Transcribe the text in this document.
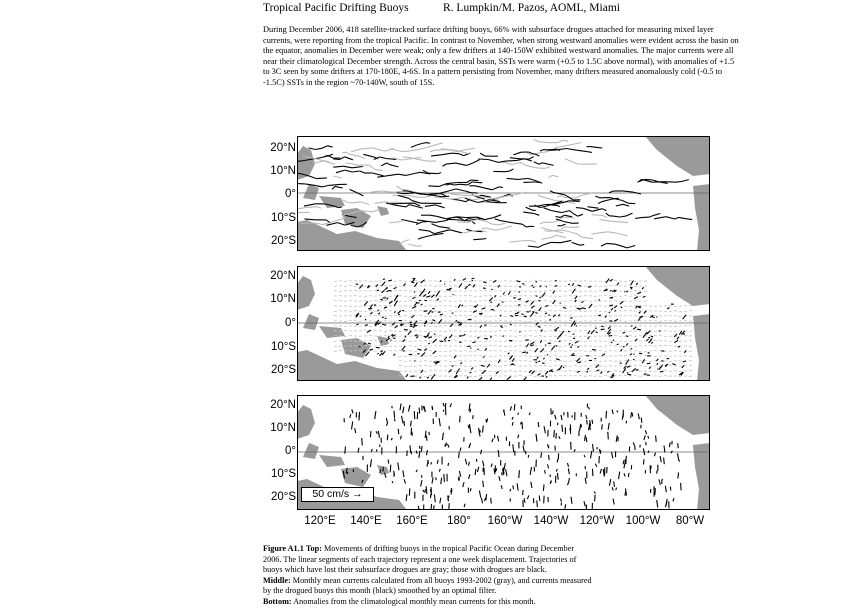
Tropical Pacific Drifting Buoys	R. Lumpkin/M. Pazos, AOML, Miami

During December 2006, 418 satellite-tracked surface drifting buoys, 66% with subsurface drogues attached for measuring mixed layer currents, were reporting from the tropical Pacific. In contrast to November, when strong westward anomalies were evident across the basin on the equator, anomalies in December were weak; only a few drifters at 140-150W exhibited westward anomalies. The major currents were all near their climatological December strength. Across the central basin, SSTs were warm (+0.5 to 1.5C above normal), with anomalies of +1.5 to 3C seen by some drifters at 170-180E, 4-6S. In a pattern persisting from November, many drifters measured anomalously cold (-0.5 to -1.5C) SSTs in the region ~70-140W, south of 15S.

20°N
10°N
0°
10°S
20°S
20°N
10°N
0°
10°S
20°S
20°N
10°N
0°
10°S
20°S	50 cm/s →
120°E	140°E	160°E	180°	160°W 140°W 120°W 100°W	80°W

Figure A1.1 Top: Movements of drifting buoys in the tropical Pacific Ocean during December 2006. The linear segments of each trajectory represent a one week displacement. Trajectories of buoys which have lost their subsurface drogues are gray; those with drogues are black.

Middle: Monthly mean currents calculated from all buoys 1993-2002 (gray), and currents measured by the drogued buoys this month (black) smoothed by an optimal filter.

Bottom: Anomalies from the climatological monthly mean currents for this month.
